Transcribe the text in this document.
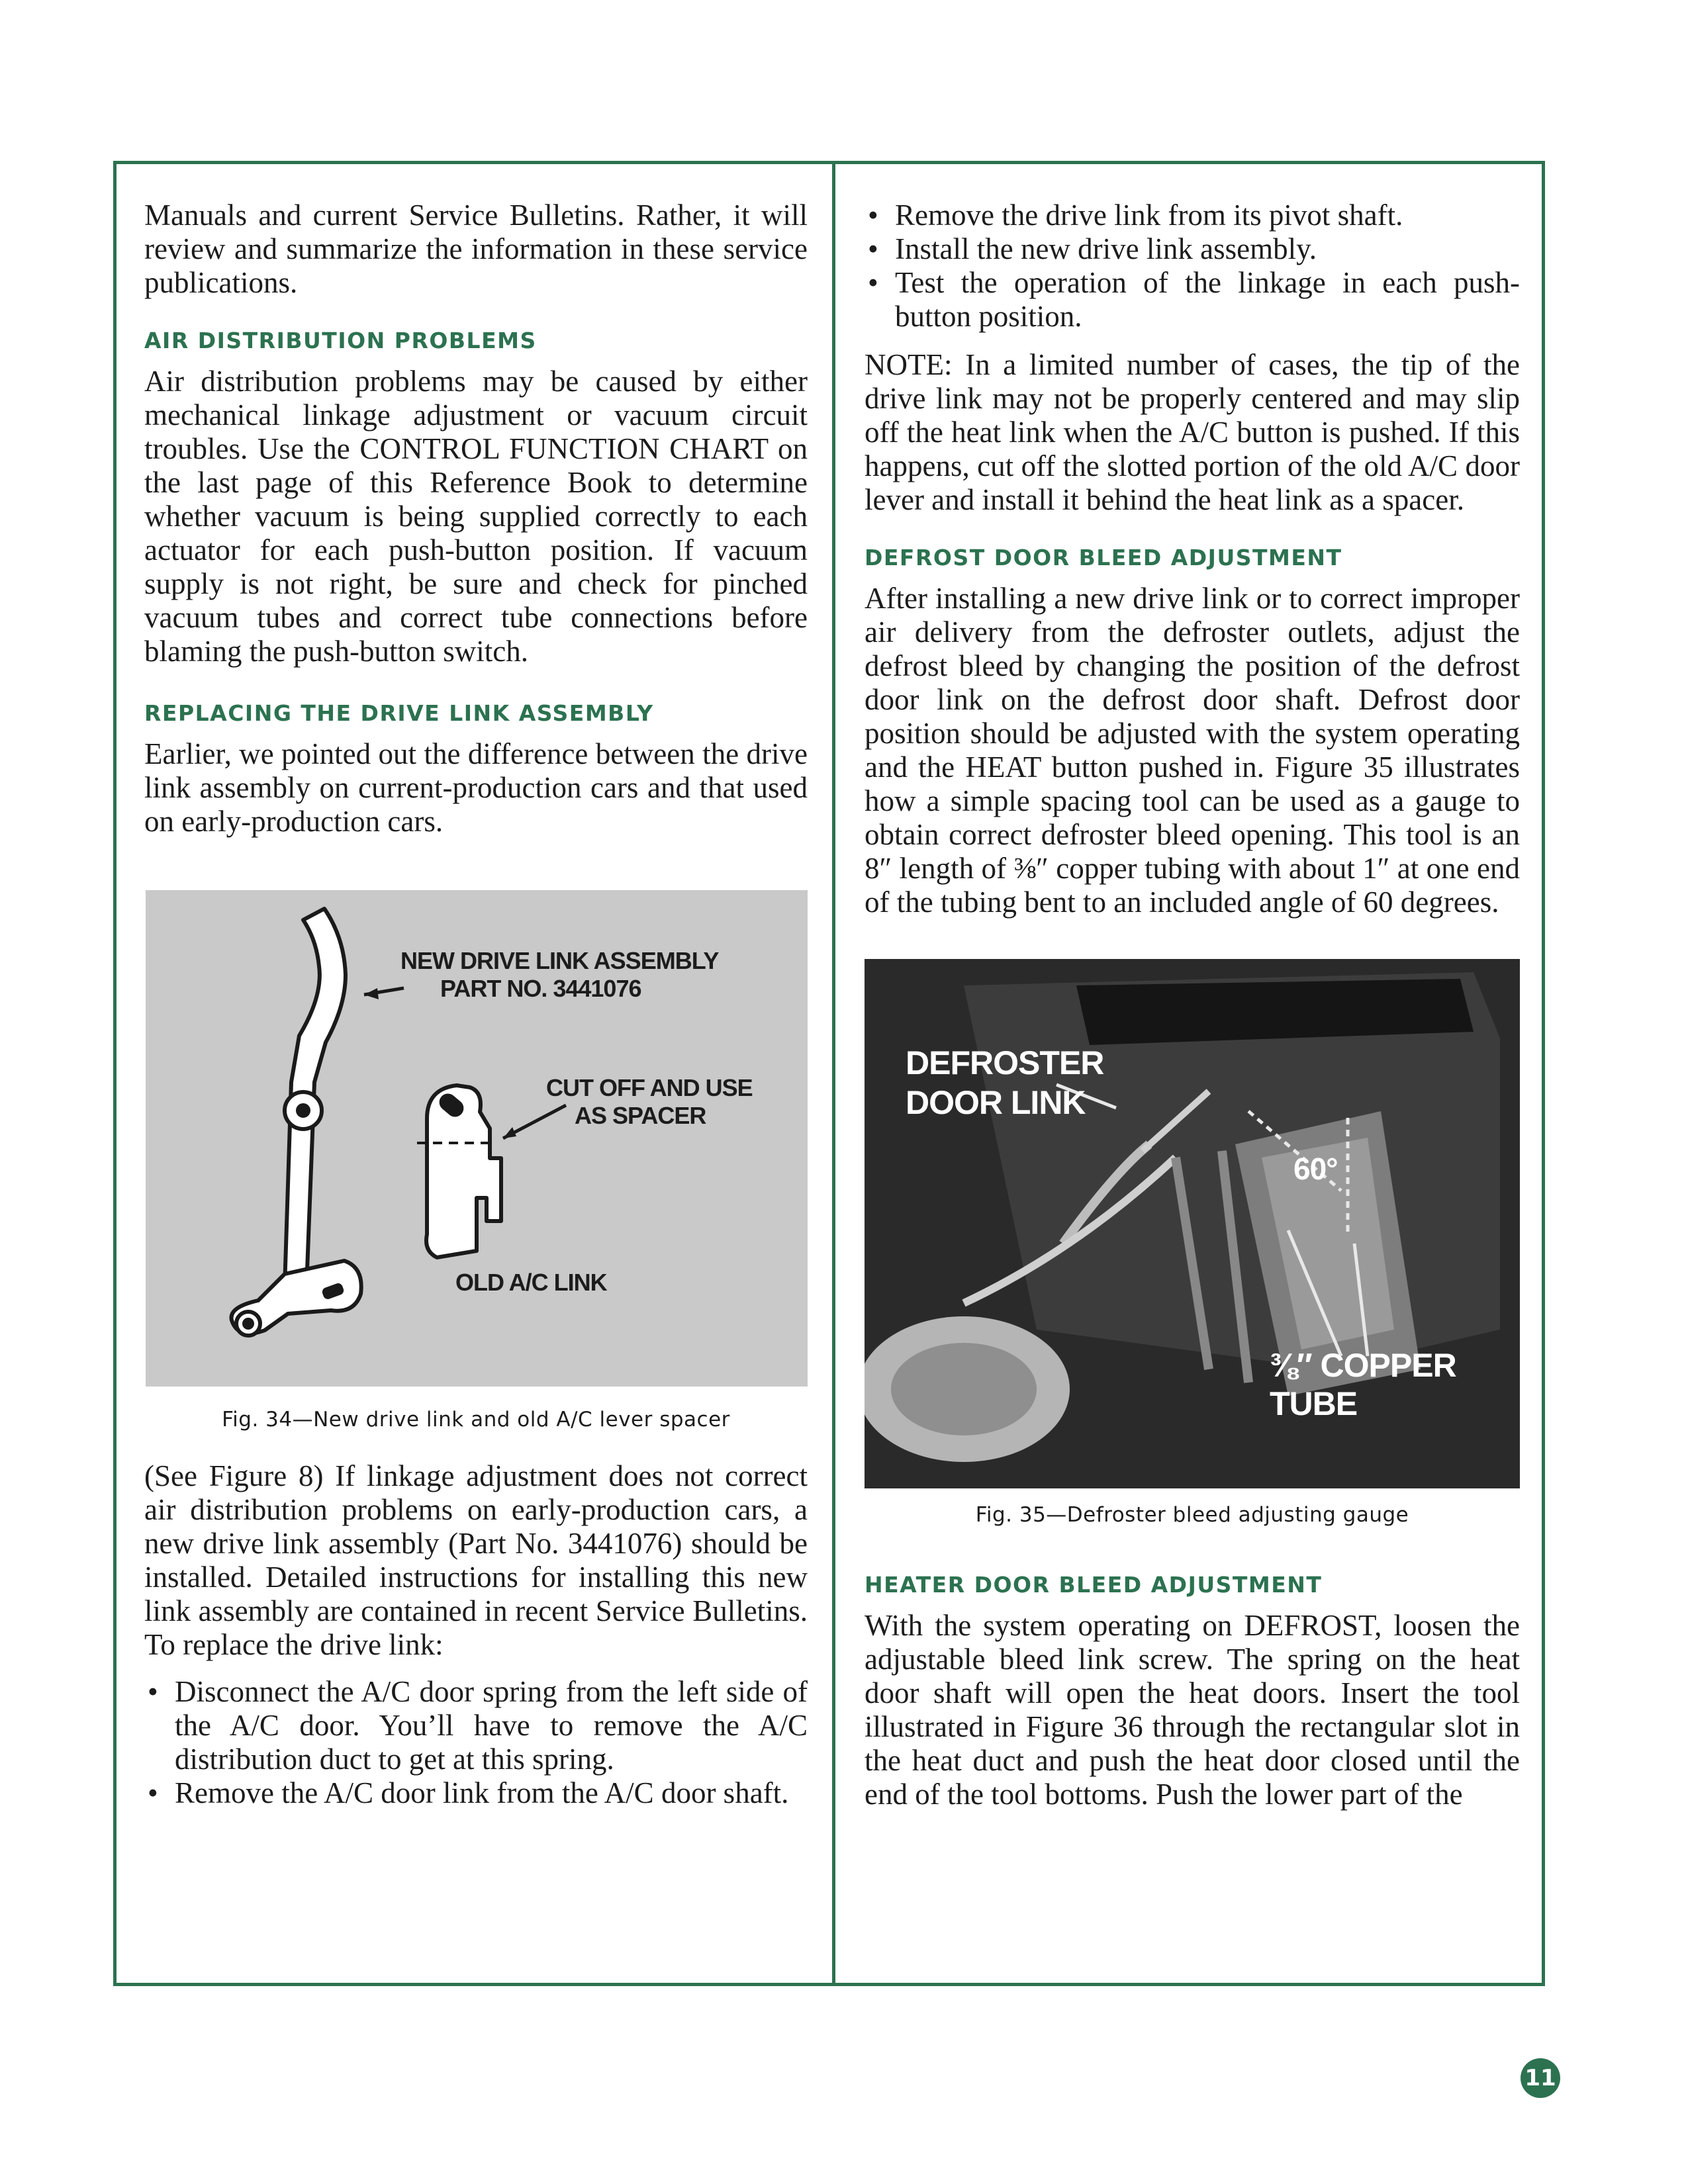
Manuals and current Service Bulletins. Rather, it will review and summarize the information in these service publications.

AIR DISTRIBUTION PROBLEMS

Air distribution problems may be caused by either mechanical linkage adjustment or vacuum circuit troubles. Use the CONTROL FUNCTION CHART on the last page of this Reference Book to determine whether vacuum is being supplied correctly to each actuator for each push-button position. If vacuum supply is not right, be sure and check for pinched vacuum tubes and correct tube connections before blaming the push-button switch.

REPLACING THE DRIVE LINK ASSEMBLY

Earlier, we pointed out the difference between the drive link assembly on current-production cars and that used on early-production cars.

NEW DRIVE LINK ASSEMBLY
PART NO. 3441076
CUT OFF AND USE
AS SPACER
OLD A/C LINK
Fig. 34—New drive link and old A/C lever spacer

(See Figure 8) If linkage adjustment does not correct air distribution problems on early-production cars, a new drive link assembly (Part No. 3441076) should be installed. Detailed instructions for installing this new link assembly are contained in recent Service Bulletins. To replace the drive link:

• Disconnect the A/C door spring from the left side of the A/C door. You’ll have to remove the A/C distribution duct to get at this spring.
• Remove the A/C door link from the A/C door shaft.
• Remove the drive link from its pivot shaft.
• Install the new drive link assembly.
• Test the operation of the linkage in each push-button position.

NOTE: In a limited number of cases, the tip of the drive link may not be properly centered and may slip off the heat link when the A/C button is pushed. If this happens, cut off the slotted portion of the old A/C door lever and install it behind the heat link as a spacer.

DEFROST DOOR BLEED ADJUSTMENT

After installing a new drive link or to correct improper air delivery from the defroster outlets, adjust the defrost bleed by changing the position of the defrost door link on the defrost door shaft. Defrost door position should be adjusted with the system operating and the HEAT button pushed in. Figure 35 illustrates how a simple spacing tool can be used as a gauge to obtain correct defroster bleed opening. This tool is an 8″ length of ⅜″ copper tubing with about 1″ at one end of the tubing bent to an included angle of 60 degrees.

DEFROSTER
DOOR LINK
60°
⅜″ COPPER TUBE
Fig. 35—Defroster bleed adjusting gauge
HEATER DOOR BLEED ADJUSTMENT

With the system operating on DEFROST, loosen the adjustable bleed link screw. The spring on the heat door shaft will open the heat doors. Insert the tool illustrated in Figure 36 through the rectangular slot in the heat duct and push the heat door closed until the end of the tool bottoms. Push the lower part of the

11
